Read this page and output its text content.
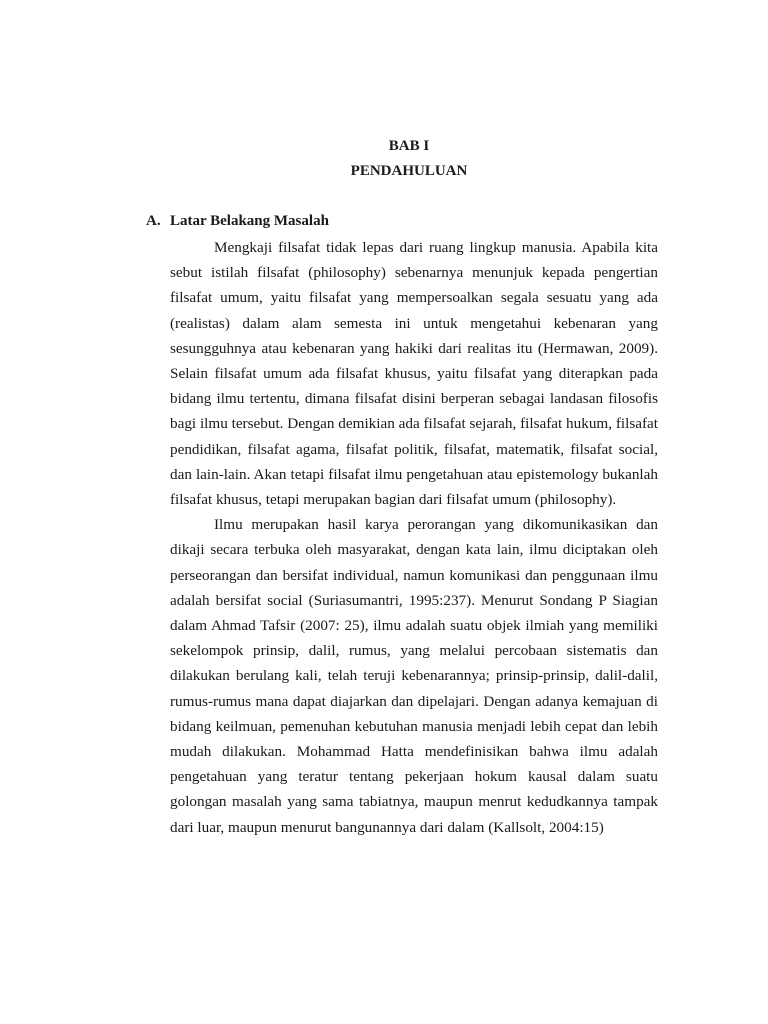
BAB I
PENDAHULUAN
A. Latar Belakang Masalah

Mengkaji filsafat tidak lepas dari ruang lingkup manusia. Apabila kita sebut istilah filsafat (philosophy) sebenarnya menunjuk kepada pengertian filsafat umum, yaitu filsafat yang mempersoalkan segala sesuatu yang ada (realistas) dalam alam semesta ini untuk mengetahui kebenaran yang sesungguhnya atau kebenaran yang hakiki dari realitas itu (Hermawan, 2009). Selain filsafat umum ada filsafat khusus, yaitu filsafat yang diterapkan pada bidang ilmu tertentu, dimana filsafat disini berperan sebagai landasan filosofis bagi ilmu tersebut. Dengan demikian ada filsafat sejarah, filsafat hukum, filsafat pendidikan, filsafat agama, filsafat politik, filsafat, matematik, filsafat social, dan lain-lain. Akan tetapi filsafat ilmu pengetahuan atau epistemology bukanlah filsafat khusus, tetapi merupakan bagian dari filsafat umum (philosophy).

Ilmu merupakan hasil karya perorangan yang dikomunikasikan dan dikaji secara terbuka oleh masyarakat, dengan kata lain, ilmu diciptakan oleh perseorangan dan bersifat individual, namun komunikasi dan penggunaan ilmu adalah bersifat social (Suriasumantri, 1995:237). Menurut Sondang P Siagian dalam Ahmad Tafsir (2007: 25), ilmu adalah suatu objek ilmiah yang memiliki sekelompok prinsip, dalil, rumus, yang melalui percobaan sistematis dan dilakukan berulang kali, telah teruji kebenarannya; prinsip-prinsip, dalil-dalil, rumus-rumus mana dapat diajarkan dan dipelajari. Dengan adanya kemajuan di bidang keilmuan, pemenuhan kebutuhan manusia menjadi lebih cepat dan lebih mudah dilakukan. Mohammad Hatta mendefinisikan bahwa ilmu adalah pengetahuan yang teratur tentang pekerjaan hokum kausal dalam suatu golongan masalah yang sama tabiatnya, maupun menrut kedudkannya tampak dari luar, maupun menurut bangunannya dari dalam (Kallsolt, 2004:15)
